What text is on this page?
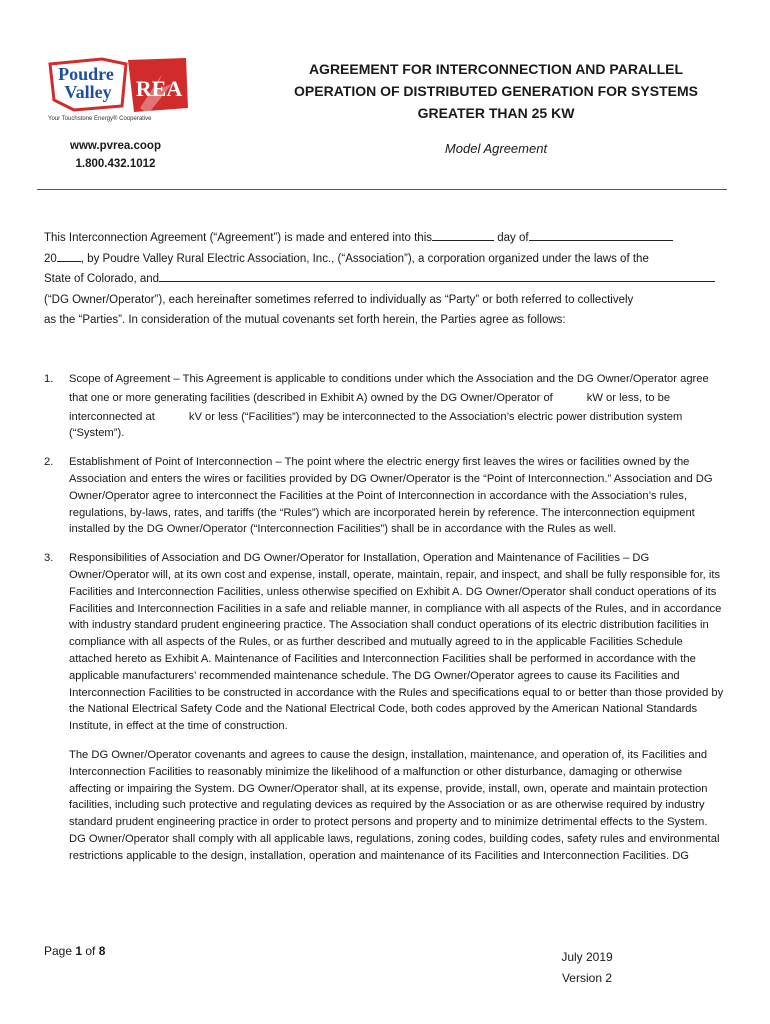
Poudre
Valley REA
Your Touchstone Energy® Cooperative
www.pvrea.coop
1.800.432.1012
AGREEMENT FOR INTERCONNECTION AND PARALLEL
OPERATION OF DISTRIBUTED GENERATION FOR SYSTEMS
GREATER THAN 25 KW
Model Agreement
This Interconnection Agreement (“Agreement”) is made and entered into this	day of
20 , by Poudre Valley Rural Electric Association, Inc., (“Association”), a corporation organized under the laws of the
State of Colorado, and
(“DG Owner/Operator”), each hereinafter sometimes referred to individually as “Party” or both referred to collectively
as the “Parties”. In consideration of the mutual covenants set forth herein, the Parties agree as follows:
1. Scope of Agreement – This Agreement is applicable to conditions under which the Association and the DG Owner/Operator agree that one or more generating facilities (described in Exhibit A) owned by the DG Owner/Operator of	kW or less, to be interconnected at	kV or less (“Facilities”) may be interconnected to the Association’s electric power distribution system (“System”).
2. Establishment of Point of Interconnection – The point where the electric energy first leaves the wires or facilities owned by the Association and enters the wires or facilities provided by DG Owner/Operator is the “Point of Interconnection.” Association and DG Owner/Operator agree to interconnect the Facilities at the Point of Interconnection in accordance with the Association’s rules, regulations, by-laws, rates, and tariffs (the “Rules”) which are incorporated herein by reference. The interconnection equipment installed by the DG Owner/Operator (“Interconnection Facilities”) shall be in accordance with the Rules as well.
3. Responsibilities of Association and DG Owner/Operator for Installation, Operation and Maintenance of Facilities – DG Owner/Operator will, at its own cost and expense, install, operate, maintain, repair, and inspect, and shall be fully responsible for, its Facilities and Interconnection Facilities, unless otherwise specified on Exhibit A. DG Owner/Operator shall conduct operations of its Facilities and Interconnection Facilities in a safe and reliable manner, in compliance with all aspects of the Rules, and in accordance with industry standard prudent engineering practice. The Association shall conduct operations of its electric distribution facilities in compliance with all aspects of the Rules, or as further described and mutually agreed to in the applicable Facilities Schedule attached hereto as Exhibit A. Maintenance of Facilities and Interconnection Facilities shall be performed in accordance with the applicable manufacturers’ recommended maintenance schedule. The DG Owner/Operator agrees to cause its Facilities and Interconnection Facilities to be constructed in accordance with the Rules and specifications equal to or better than those provided by the National Electrical Safety Code and the National Electrical Code, both codes approved by the American National Standards Institute, in effect at the time of construction.
The DG Owner/Operator covenants and agrees to cause the design, installation, maintenance, and operation of, its Facilities and Interconnection Facilities to reasonably minimize the likelihood of a malfunction or other disturbance, damaging or otherwise affecting or impairing the System. DG Owner/Operator shall, at its expense, provide, install, own, operate and maintain protection facilities, including such protective and regulating devices as required by the Association or as are otherwise required by industry standard prudent engineering practice in order to protect persons and property and to minimize detrimental effects to the System. DG Owner/Operator shall comply with all applicable laws, regulations, zoning codes, building codes, safety rules and environmental restrictions applicable to the design, installation, operation and maintenance of its Facilities and Interconnection Facilities. DG
Page 1 of 8	July 2019
Version 2
